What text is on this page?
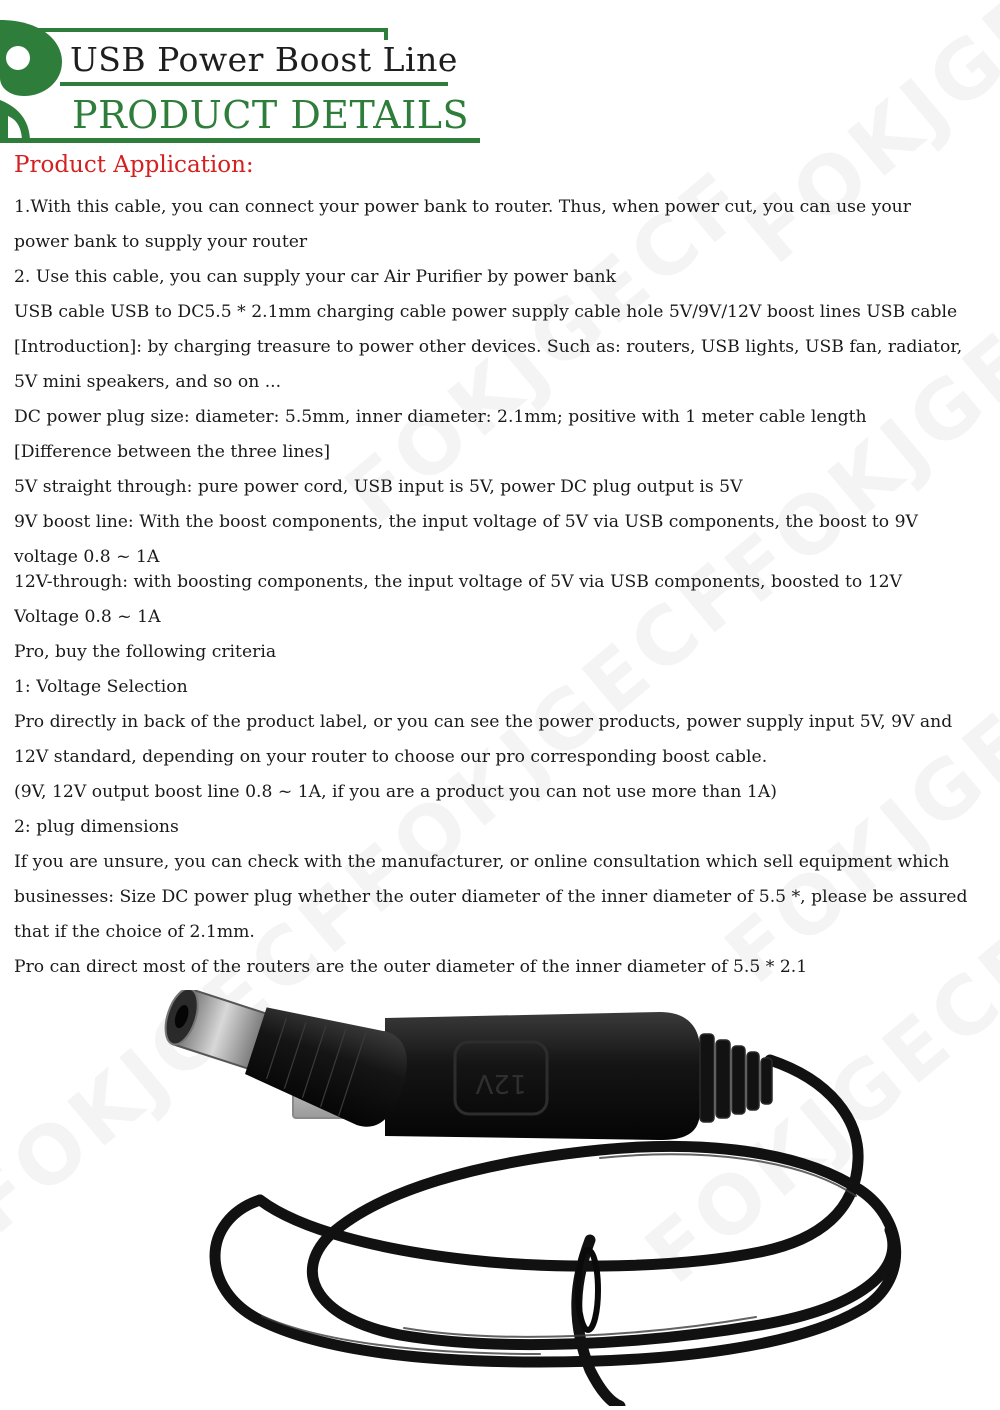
USB Power Boost Line
PRODUCT DETAILS
Product Application:
1.With this cable, you can connect your power bank to router. Thus, when power cut, you can use your
power bank to supply your router
2. Use this cable, you can supply your car Air Purifier by power bank
USB cable USB to DC5.5 * 2.1mm charging cable power supply cable hole 5V/9V/12V boost lines USB cable
[Introduction]: by charging treasure to power other devices. Such as: routers, USB lights, USB fan, radiator,
5V mini speakers, and so on ...
DC power plug size: diameter: 5.5mm, inner diameter: 2.1mm; positive with 1 meter cable length
[Difference between the three lines]
5V straight through: pure power cord, USB input is 5V, power DC plug output is 5V
9V boost line: With the boost components, the input voltage of 5V via USB components, the boost to 9V
voltage 0.8 ~ 1A
12V-through: with boosting components, the input voltage of 5V via USB components, boosted to 12V
Voltage 0.8 ~ 1A
Pro, buy the following criteria
1: Voltage Selection
Pro directly in back of the product label, or you can see the power products, power supply input 5V, 9V and
12V standard, depending on your router to choose our pro corresponding boost cable.
(9V, 12V output boost line 0.8 ~ 1A, if you are a product you can not use more than 1A)
2: plug dimensions
If you are unsure, you can check with the manufacturer, or online consultation which sell equipment which
businesses: Size DC power plug whether the outer diameter of the inner diameter of 5.5 *, please be assured
that if the choice of 2.1mm.
Pro can direct most of the routers are the outer diameter of the inner diameter of 5.5 * 2.1
12V
